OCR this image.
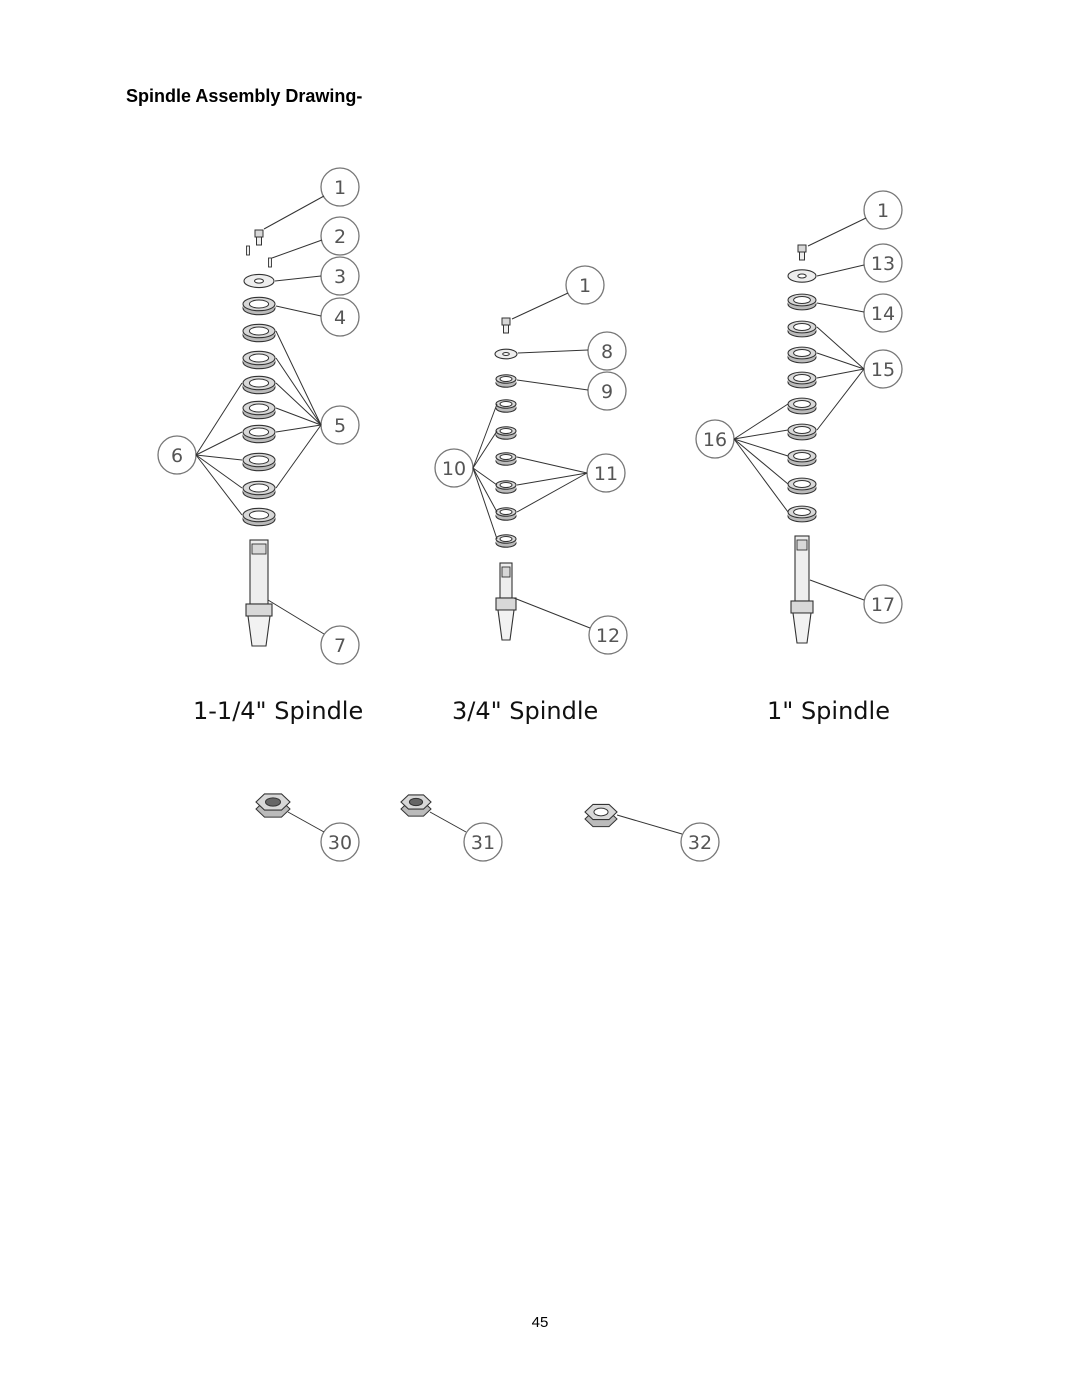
Spindle Assembly Drawing-
1
2
3
4
5
6
7
1
8
9
10	11
12
1
13
14
15
16
17
1-1/4" Spindle	3/4" Spindle	1" Spindle
30	31	32
45
